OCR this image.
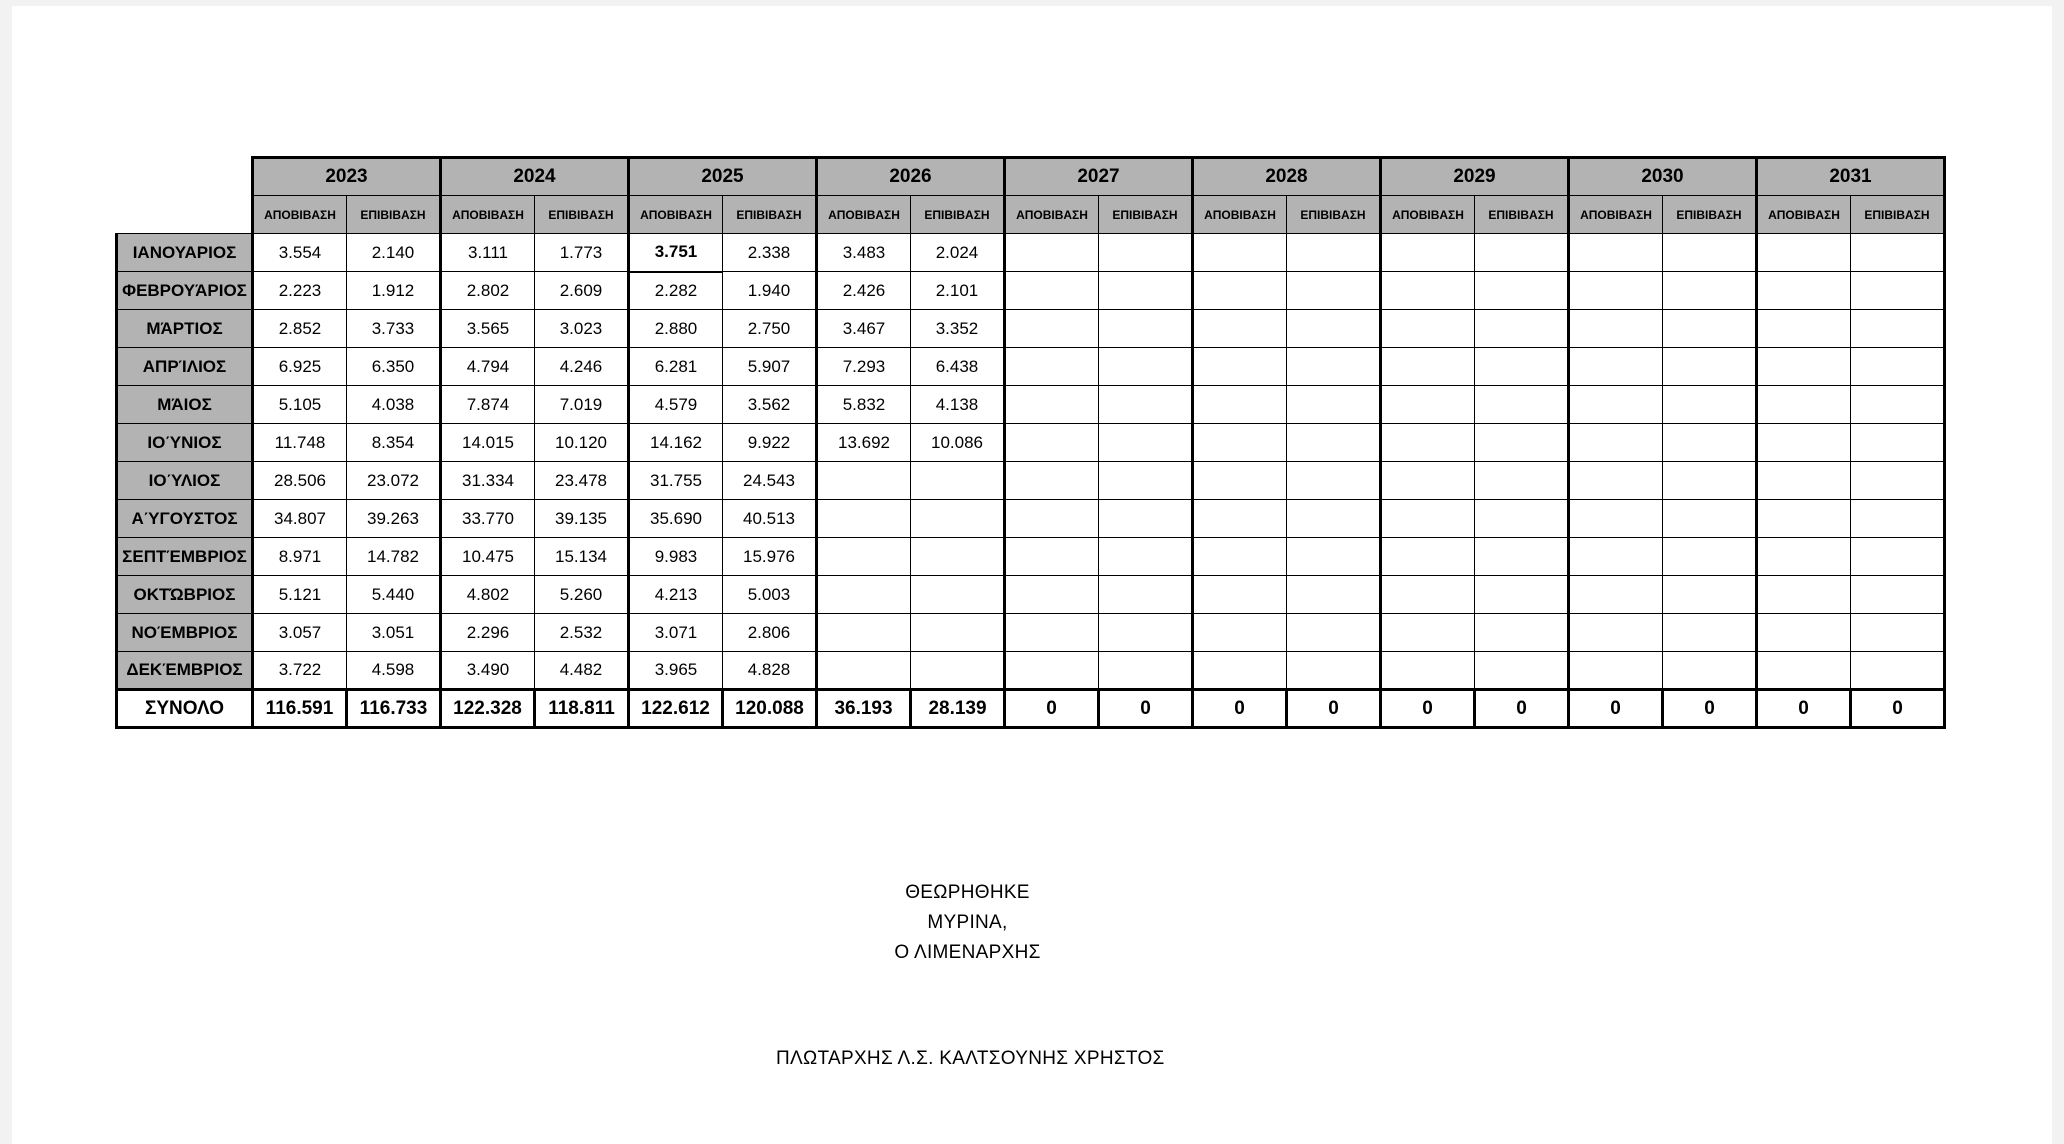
	2023		2024		2025		2026		2027		2028		2029		2030		2031	
	ΑΠΟΒΙΒΑΣΗ	ΕΠΙΒΙΒΑΣΗ	ΑΠΟΒΙΒΑΣΗ	ΕΠΙΒΙΒΑΣΗ	ΑΠΟΒΙΒΑΣΗ	ΕΠΙΒΙΒΑΣΗ	ΑΠΟΒΙΒΑΣΗ	ΕΠΙΒΙΒΑΣΗ	ΑΠΟΒΙΒΑΣΗ	ΕΠΙΒΙΒΑΣΗ	ΑΠΟΒΙΒΑΣΗ	ΕΠΙΒΙΒΑΣΗ	ΑΠΟΒΙΒΑΣΗ	ΕΠΙΒΙΒΑΣΗ	ΑΠΟΒΙΒΑΣΗ	ΕΠΙΒΙΒΑΣΗ	ΑΠΟΒΙΒΑΣΗ	ΕΠΙΒΙΒΑΣΗ
ΙΑΝΟΥΑΡΙΟΣ	3.554	2.140	3.111	1.773	3.751	2.338	3.483	2.024										
ΦΕΒΡΟΥΆΡΙΟΣ	2.223	1.912	2.802	2.609	2.282	1.940	2.426	2.101										
ΜΆΡΤΙΟΣ	2.852	3.733	3.565	3.023	2.880	2.750	3.467	3.352										
ΑΠΡΊΛΙΟΣ	6.925	6.350	4.794	4.246	6.281	5.907	7.293	6.438										
ΜΆΙΟΣ	5.105	4.038	7.874	7.019	4.579	3.562	5.832	4.138										
ΙΟΎΝΙΟΣ	11.748	8.354	14.015	10.120	14.162	9.922	13.692	10.086										
ΙΟΎΛΙΟΣ	28.506	23.072	31.334	23.478	31.755	24.543												
ΑΎΓΟΥΣΤΟΣ	34.807	39.263	33.770	39.135	35.690	40.513												
ΣΕΠΤΈΜΒΡΙΟΣ	8.971	14.782	10.475	15.134	9.983	15.976												
ΟΚΤΏΒΡΙΟΣ	5.121	5.440	4.802	5.260	4.213	5.003												
ΝΟΈΜΒΡΙΟΣ	3.057	3.051	2.296	2.532	3.071	2.806												
ΔΕΚΈΜΒΡΙΟΣ	3.722	4.598	3.490	4.482	3.965	4.828												
ΣΥΝΟΛΟ	116.591	116.733	122.328	118.811	122.612	120.088	36.193	28.139	0	0	0	0	0	0	0	0	0	0
ΘΕΩΡΗΘΗΚΕ
ΜΥΡΙΝΑ,
Ο ΛΙΜΕΝΑΡΧΗΣ
ΠΛΩΤΑΡΧΗΣ Λ.Σ. ΚΑΛΤΣΟΥΝΗΣ ΧΡΗΣΤΟΣ
